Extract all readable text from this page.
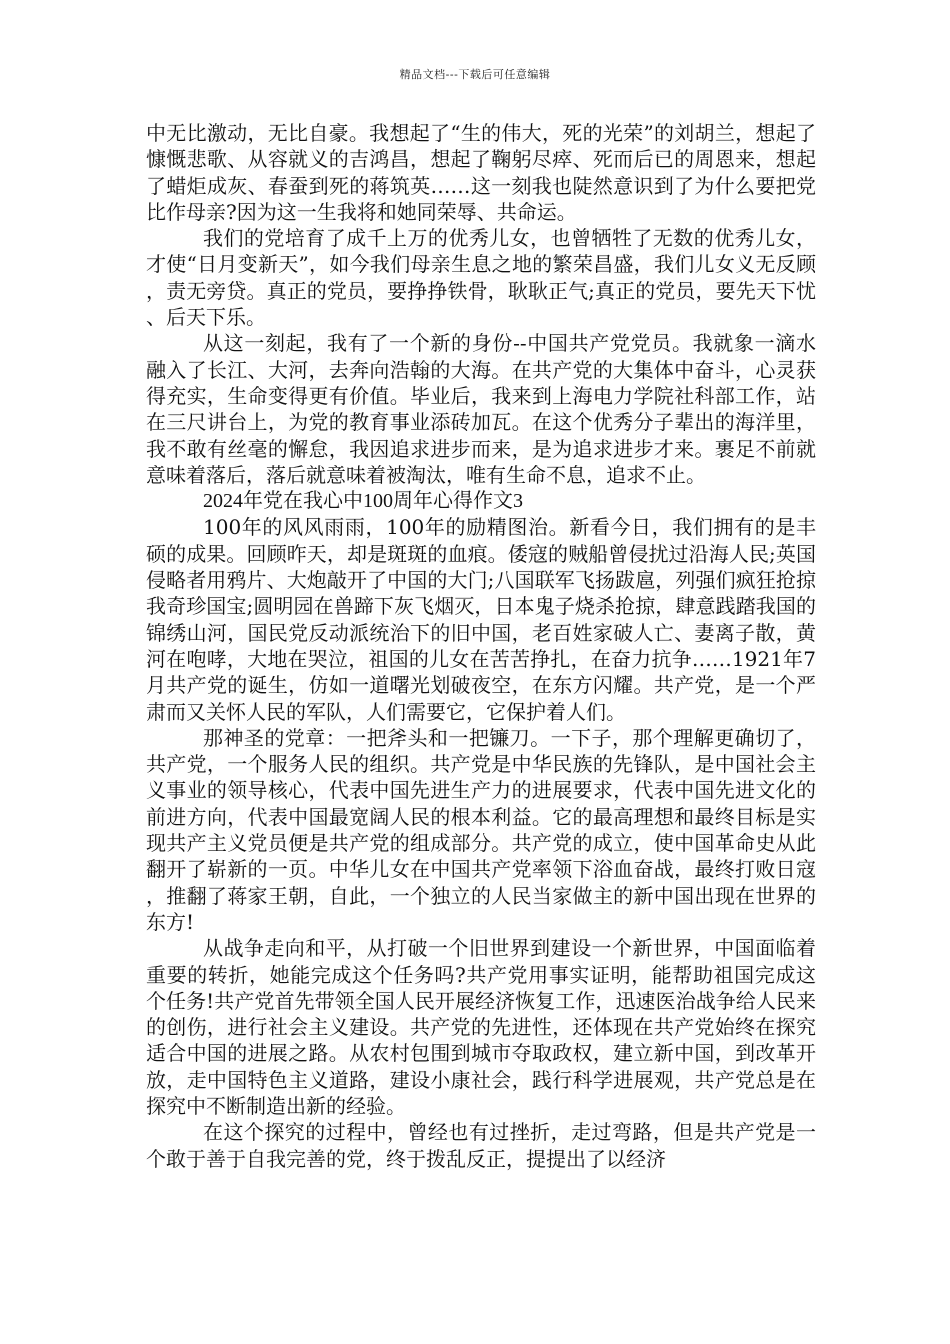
精品文档---下载后可任意编辑

中无比激动，无比自豪。我想起了“生的伟大，死的光荣”的刘胡兰，想起了慷慨悲歌、从容就义的吉鸿昌，想起了鞠躬尽瘁、死而后已的周恩来，想起了蜡炬成灰、春蚕到死的蒋筑英……这一刻我也陡然意识到了为什么要把党比作母亲?因为这一生我将和她同荣辱、共命运。

我们的党培育了成千上万的优秀儿女，也曾牺牲了无数的优秀儿女，才使“日月变新天”，如今我们母亲生息之地的繁荣昌盛，我们儿女义无反顾，责无旁贷。真正的党员，要挣挣铁骨，耿耿正气;真正的党员，要先天下忧、后天下乐。

从这一刻起，我有了一个新的身份--中国共产党党员。我就象一滴水融入了长江、大河，去奔向浩翰的大海。在共产党的大集体中奋斗，心灵获得充实，生命变得更有价值。毕业后，我来到上海电力学院社科部工作，站在三尺讲台上，为党的教育事业添砖加瓦。在这个优秀分子辈出的海洋里，我不敢有丝毫的懈怠，我因追求进步而来，是为追求进步才来。裹足不前就意味着落后，落后就意味着被淘汰，唯有生命不息，追求不止。

2024年党在我心中100周年心得作文3

100年的风风雨雨，100年的励精图治。新看今日，我们拥有的是丰硕的成果。回顾昨天，却是斑斑的血痕。倭寇的贼船曾侵扰过沿海人民;英国侵略者用鸦片、大炮敲开了中国的大门;八国联军飞扬跋扈，列强们疯狂抢掠我奇珍国宝;圆明园在兽蹄下灰飞烟灭，日本鬼子烧杀抢掠，肆意践踏我国的锦绣山河，国民党反动派统治下的旧中国，老百姓家破人亡、妻离子散，黄河在咆哮，大地在哭泣，祖国的儿女在苦苦挣扎，在奋力抗争……1921年7月共产党的诞生，仿如一道曙光划破夜空，在东方闪耀。共产党，是一个严肃而又关怀人民的军队，人们需要它，它保护着人们。

那神圣的党章：一把斧头和一把镰刀。一下子，那个理解更确切了，共产党，一个服务人民的组织。共产党是中华民族的先锋队，是中国社会主义事业的领导核心，代表中国先进生产力的进展要求，代表中国先进文化的前进方向，代表中国最宽阔人民的根本利益。它的最高理想和最终目标是实现共产主义党员便是共产党的组成部分。共产党的成立，使中国革命史从此翻开了崭新的一页。中华儿女在中国共产党率领下浴血奋战，最终打败日寇，推翻了蒋家王朝，自此，一个独立的人民当家做主的新中国出现在世界的东方!

从战争走向和平，从打破一个旧世界到建设一个新世界，中国面临着重要的转折，她能完成这个任务吗?共产党用事实证明，能帮助祖国完成这个任务!共产党首先带领全国人民开展经济恢复工作，迅速医治战争给人民来的创伤，进行社会主义建设。共产党的先进性，还体现在共产党始终在探究适合中国的进展之路。从农村包围到城市夺取政权，建立新中国，到改革开放，走中国特色主义道路，建设小康社会，践行科学进展观，共产党总是在探究中不断制造出新的经验。

在这个探究的过程中，曾经也有过挫折，走过弯路，但是共产党是一个敢于善于自我完善的党，终于拨乱反正，提提出了以经济
